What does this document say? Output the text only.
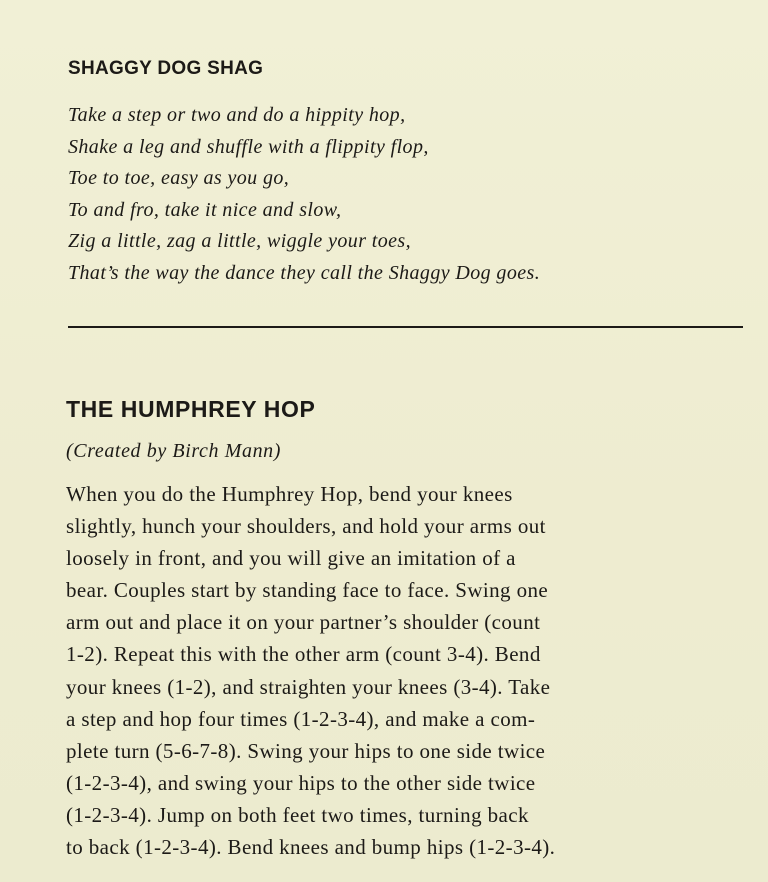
SHAGGY DOG SHAG
Take a step or two and do a hippity hop,
Shake a leg and shuffle with a flippity flop,
Toe to toe, easy as you go,
To and fro, take it nice and slow,
Zig a little, zag a little, wiggle your toes,
That’s the way the dance they call the Shaggy Dog goes.
THE HUMPHREY HOP

(Created by Birch Mann)

When you do the Humphrey Hop, bend your knees
slightly, hunch your shoulders, and hold your arms out
loosely in front, and you will give an imitation of a
bear. Couples start by standing face to face. Swing one
arm out and place it on your partner’s shoulder (count
1-2). Repeat this with the other arm (count 3-4). Bend
your knees (1-2), and straighten your knees (3-4). Take
a step and hop four times (1-2-3-4), and make a com-
plete turn (5-6-7-8). Swing your hips to one side twice
(1-2-3-4), and swing your hips to the other side twice
(1-2-3-4). Jump on both feet two times, turning back
to back (1-2-3-4). Bend knees and bump hips (1-2-3-4).
